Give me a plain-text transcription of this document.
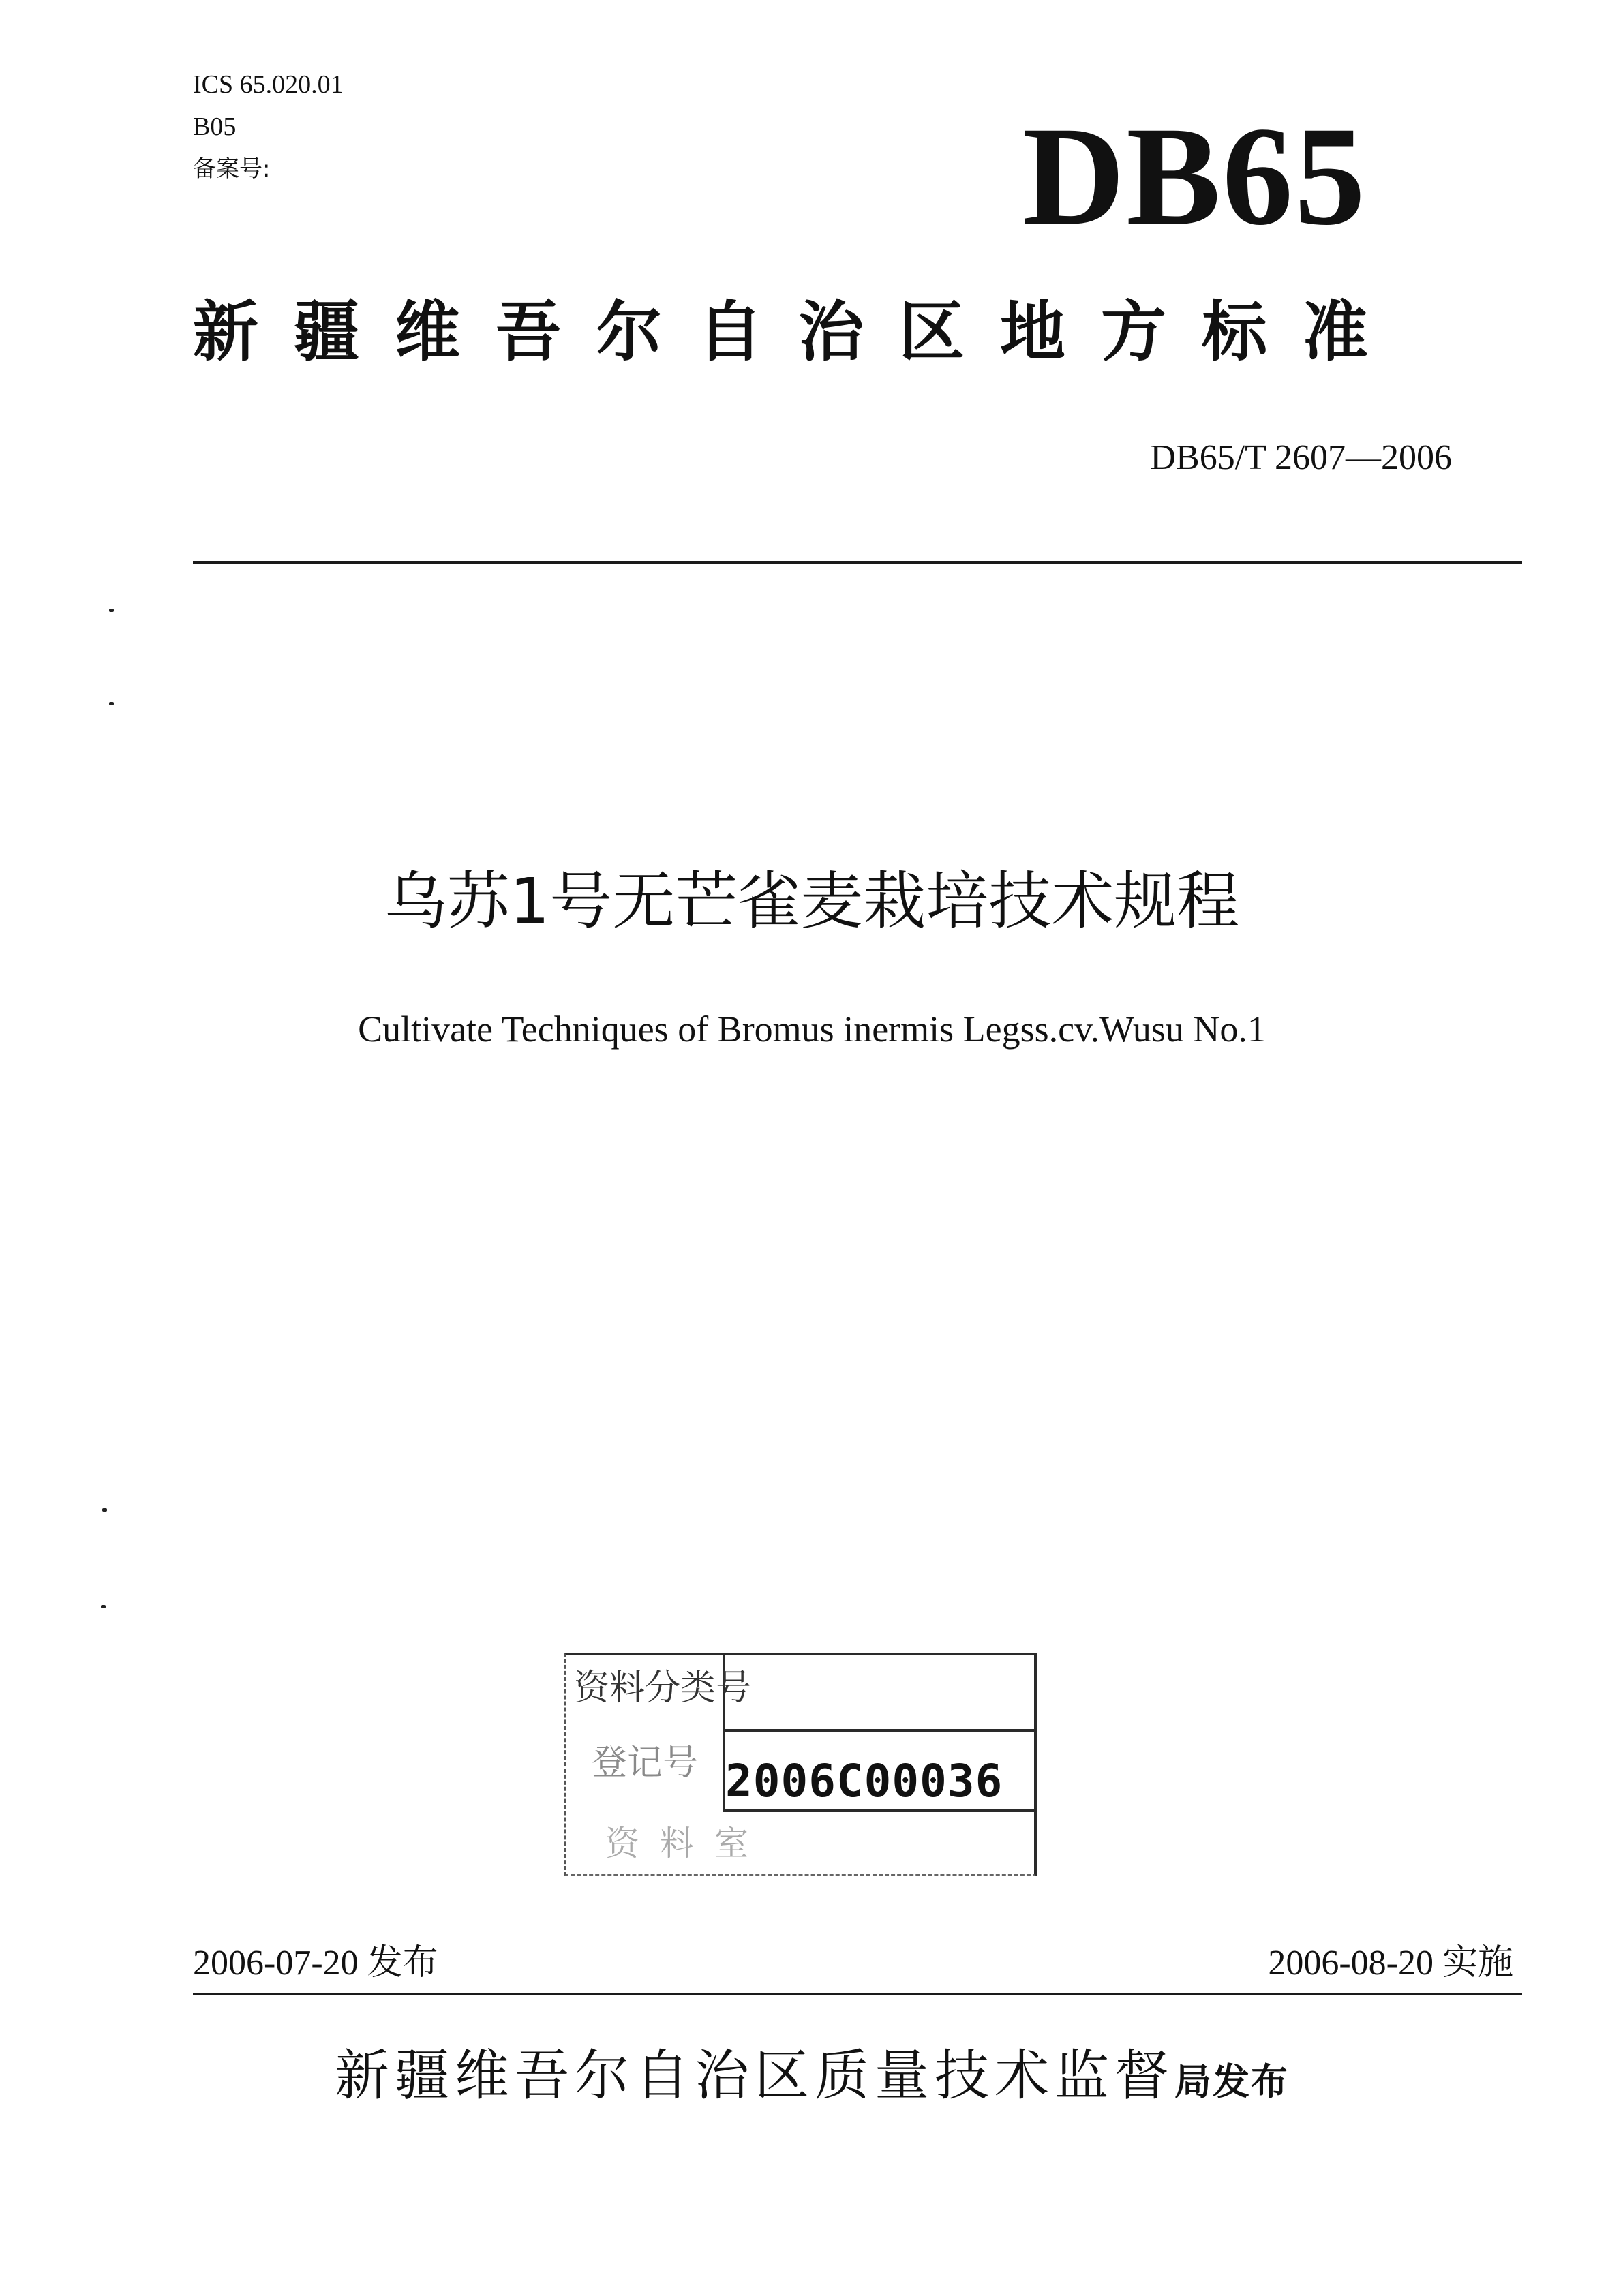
ICS 65.020.01
B05
备案号:	DB65
新疆维吾尔自治区地方标准
DB65/T 2607—2006
乌苏1号无芒雀麦栽培技术规程
Cultivate Techniques of Bromus inermis Legss.cv.Wusu No.1
资料分类号
登记号 2006C00036
资料室
2006-07-20 发布	2006-08-20 实施
新疆维吾尔自治区质量技术监督局发布
